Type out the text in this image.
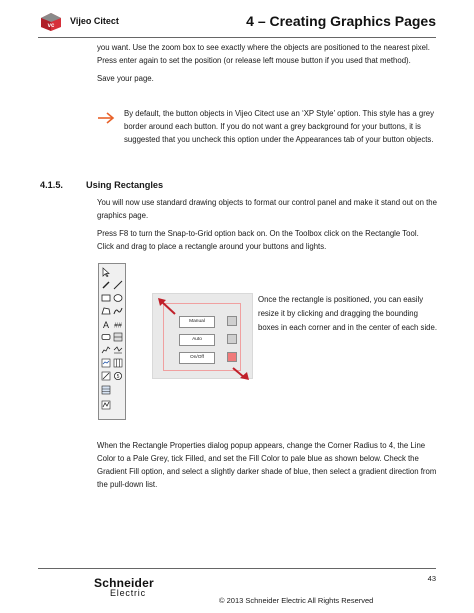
vc Vijeo Citect	4 – Creating Graphics Pages

you want. Use the zoom box to see exactly where the objects are positioned to the nearest pixel. Press enter again to set the position (or release left mouse button if you used that method).

Save your page.

By default, the button objects in Vijeo Citect use an ‘XP Style’ option. This style has a grey border around each button. If you do not want a grey background for your buttons, it is suggested that you uncheck this option under the Appearances tab of your button objects.

4.1.5.	Using Rectangles

You will now use standard drawing objects to format our control panel and make it stand out on the graphics page.

Press F8 to turn the Snap-to-Grid option back on. On the Toolbox click on the Rectangle Tool. Click and drag to place a rectangle around your buttons and lights.

A ##
5
Manual
Auto
On/Off

Once the rectangle is positioned, you can easily resize it by clicking and dragging the bounding boxes in each corner and in the center of each side.

When the Rectangle Properties dialog popup appears, change the Corner Radius to 4, the Line Color to a Pale Grey, tick Filled, and set the Fill Color to pale blue as shown below. Check the Gradient Fill option, and select a slightly darker shade of blue, then select a gradient direction from the pull-down list.

43
Schneider
Electric
© 2013 Schneider Electric All Rights Reserved
